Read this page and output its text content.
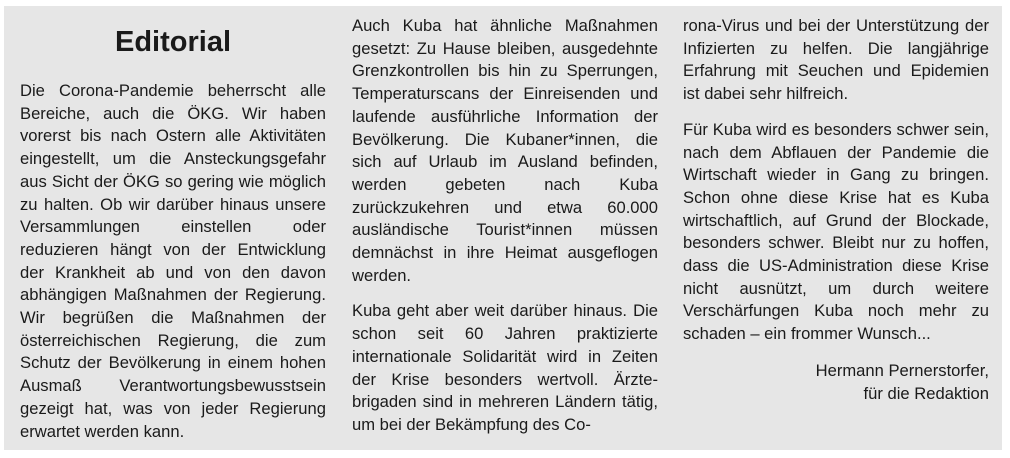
Editorial

Die Corona-Pandemie beherrscht alle Bereiche, auch die ÖKG. Wir haben vorerst bis nach Ostern alle Aktivitäten eingestellt, um die Ansteckungsgefahr aus Sicht der ÖKG so gering wie möglich zu halten. Ob wir darüber hinaus unsere Versammlungen einstellen oder reduzieren hängt von der Entwicklung der Krankheit ab und von den davon abhängigen Maßnahmen der Regierung. Wir begrüßen die Maßnahmen der österreichischen Regierung, die zum Schutz der Bevölkerung in einem hohen Ausmaß Verantwortungsbewusstsein gezeigt hat, was von jeder Regierung erwartet werden kann.

Auch Kuba hat ähnliche Maßnahmen gesetzt: Zu Hause bleiben, ausgedehnte Grenzkontrollen bis hin zu Sperrungen, Temperaturscans der Einreisenden und laufende ausführliche Information der Bevölkerung. Die Kubaner*innen, die sich auf Urlaub im Ausland befinden, werden gebeten nach Kuba zurückzukehren und etwa 60.000 ausländische Tourist*innen müssen demnächst in ihre Heimat ausgeflogen werden.

Kuba geht aber weit darüber hinaus. Die schon seit 60 Jahren praktizierte internationale Solidarität wird in Zeiten der Krise besonders wertvoll. Ärztebrigaden sind in mehreren Ländern tätig, um bei der Bekämpfung des Co-

rona-Virus und bei der Unterstützung der Infizierten zu helfen. Die langjährige Erfahrung mit Seuchen und Epidemien ist dabei sehr hilfreich.

Für Kuba wird es besonders schwer sein, nach dem Abflauen der Pandemie die Wirtschaft wieder in Gang zu bringen. Schon ohne diese Krise hat es Kuba wirtschaftlich, auf Grund der Blockade, besonders schwer. Bleibt nur zu hoffen, dass die US-Administration diese Krise nicht ausnützt, um durch weitere Verschärfungen Kuba noch mehr zu schaden – ein frommer Wunsch...

Hermann Pernerstorfer,
für die Redaktion
